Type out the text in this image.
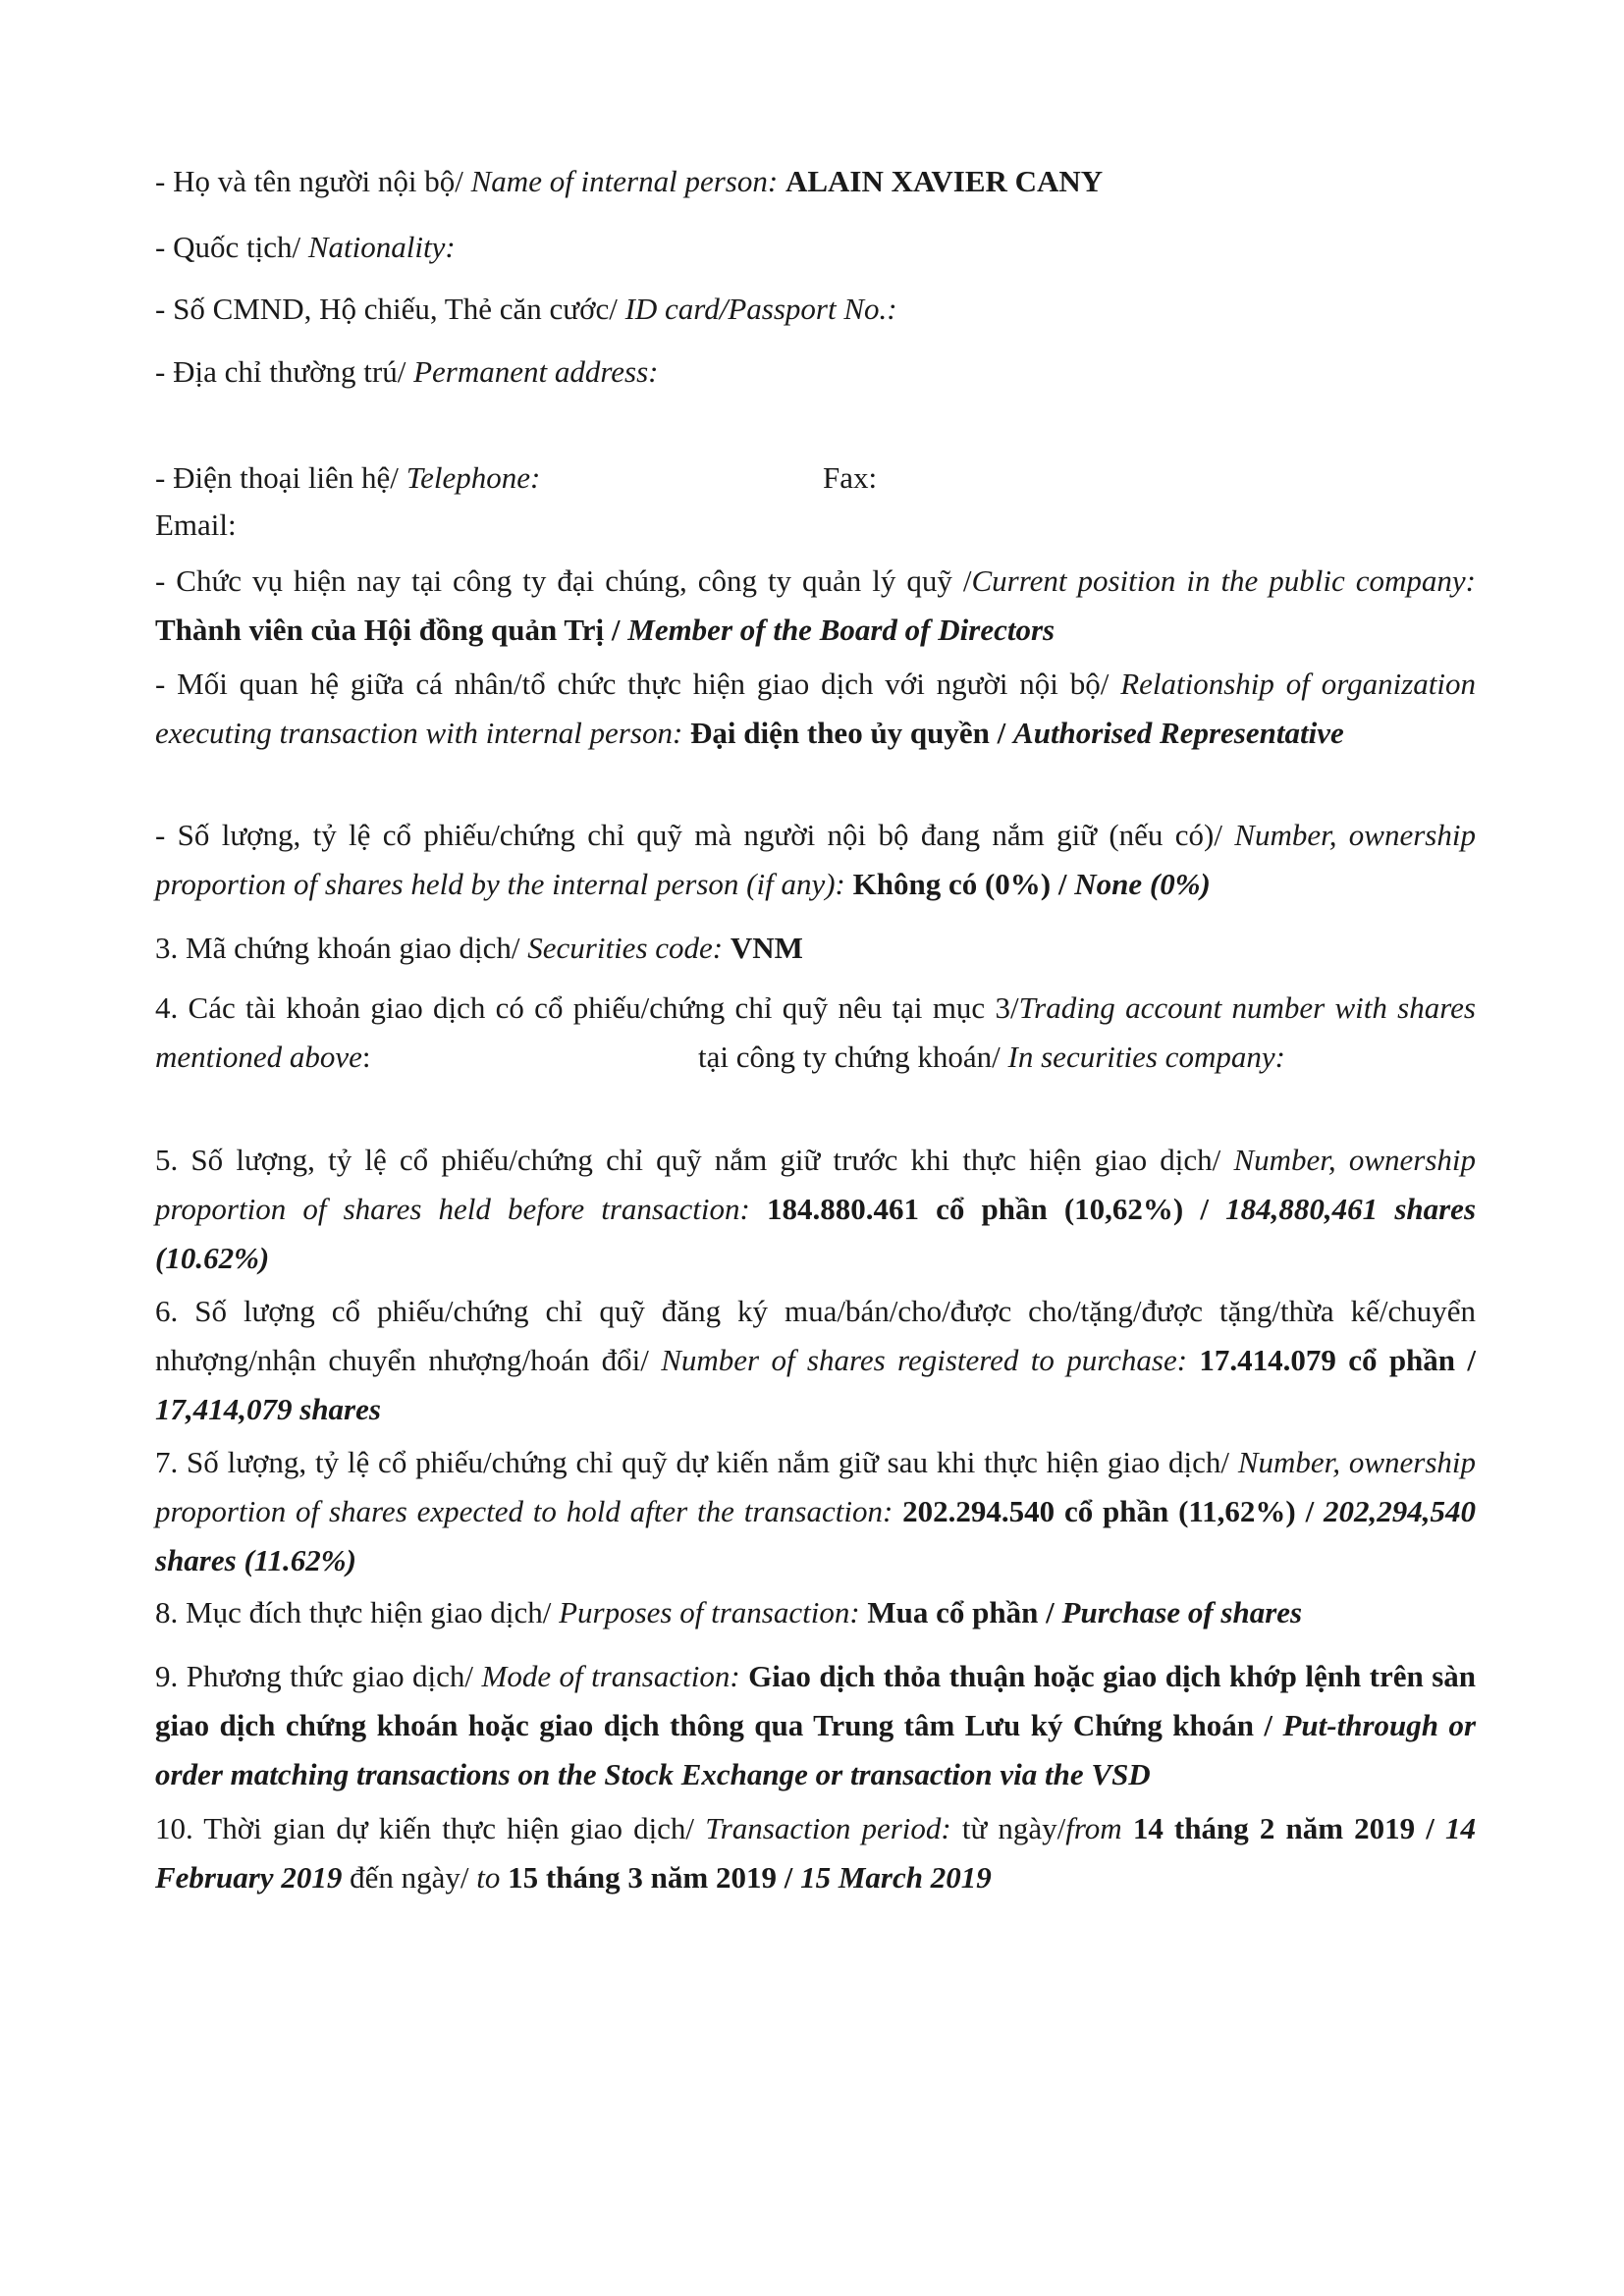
- Họ và tên người nội bộ/ Name of internal person: ALAIN XAVIER CANY
- Quốc tịch/ Nationality:
- Số CMND, Hộ chiếu, Thẻ căn cước/ ID card/Passport No.:
- Địa chỉ thường trú/ Permanent address:
- Điện thoại liên hệ/ Telephone:	Fax:
Email:
- Chức vụ hiện nay tại công ty đại chúng, công ty quản lý quỹ /Current position in the public company: Thành viên của Hội đồng quản Trị / Member of the Board of Directors
- Mối quan hệ giữa cá nhân/tổ chức thực hiện giao dịch với người nội bộ/ Relationship of organization executing transaction with internal person: Đại diện theo ủy quyền / Authorised Representative
- Số lượng, tỷ lệ cổ phiếu/chứng chỉ quỹ mà người nội bộ đang nắm giữ (nếu có)/ Number, ownership proportion of shares held by the internal person (if any): Không có (0%) / None (0%)
3. Mã chứng khoán giao dịch/ Securities code: VNM
4. Các tài khoản giao dịch có cổ phiếu/chứng chỉ quỹ nêu tại mục 3/Trading account number with shares mentioned above:	tại công ty chứng khoán/ In securities company:
5. Số lượng, tỷ lệ cổ phiếu/chứng chỉ quỹ nắm giữ trước khi thực hiện giao dịch/ Number, ownership proportion of shares held before transaction: 184.880.461 cổ phần (10,62%) / 184,880,461 shares (10.62%)
6. Số lượng cổ phiếu/chứng chỉ quỹ đăng ký mua/bán/cho/được cho/tặng/được tặng/thừa kế/chuyển nhượng/nhận chuyển nhượng/hoán đổi/ Number of shares registered to purchase: 17.414.079 cổ phần / 17,414,079 shares
7. Số lượng, tỷ lệ cổ phiếu/chứng chỉ quỹ dự kiến nắm giữ sau khi thực hiện giao dịch/ Number, ownership proportion of shares expected to hold after the transaction: 202.294.540 cổ phần (11,62%) / 202,294,540 shares (11.62%)
8. Mục đích thực hiện giao dịch/ Purposes of transaction: Mua cổ phần / Purchase of shares
9. Phương thức giao dịch/ Mode of transaction: Giao dịch thỏa thuận hoặc giao dịch khớp lệnh trên sàn giao dịch chứng khoán hoặc giao dịch thông qua Trung tâm Lưu ký Chứng khoán / Put-through or order matching transactions on the Stock Exchange or transaction via the VSD
10. Thời gian dự kiến thực hiện giao dịch/ Transaction period: từ ngày/from 14 tháng 2 năm 2019 / 14 February 2019 đến ngày/ to 15 tháng 3 năm 2019 / 15 March 2019
